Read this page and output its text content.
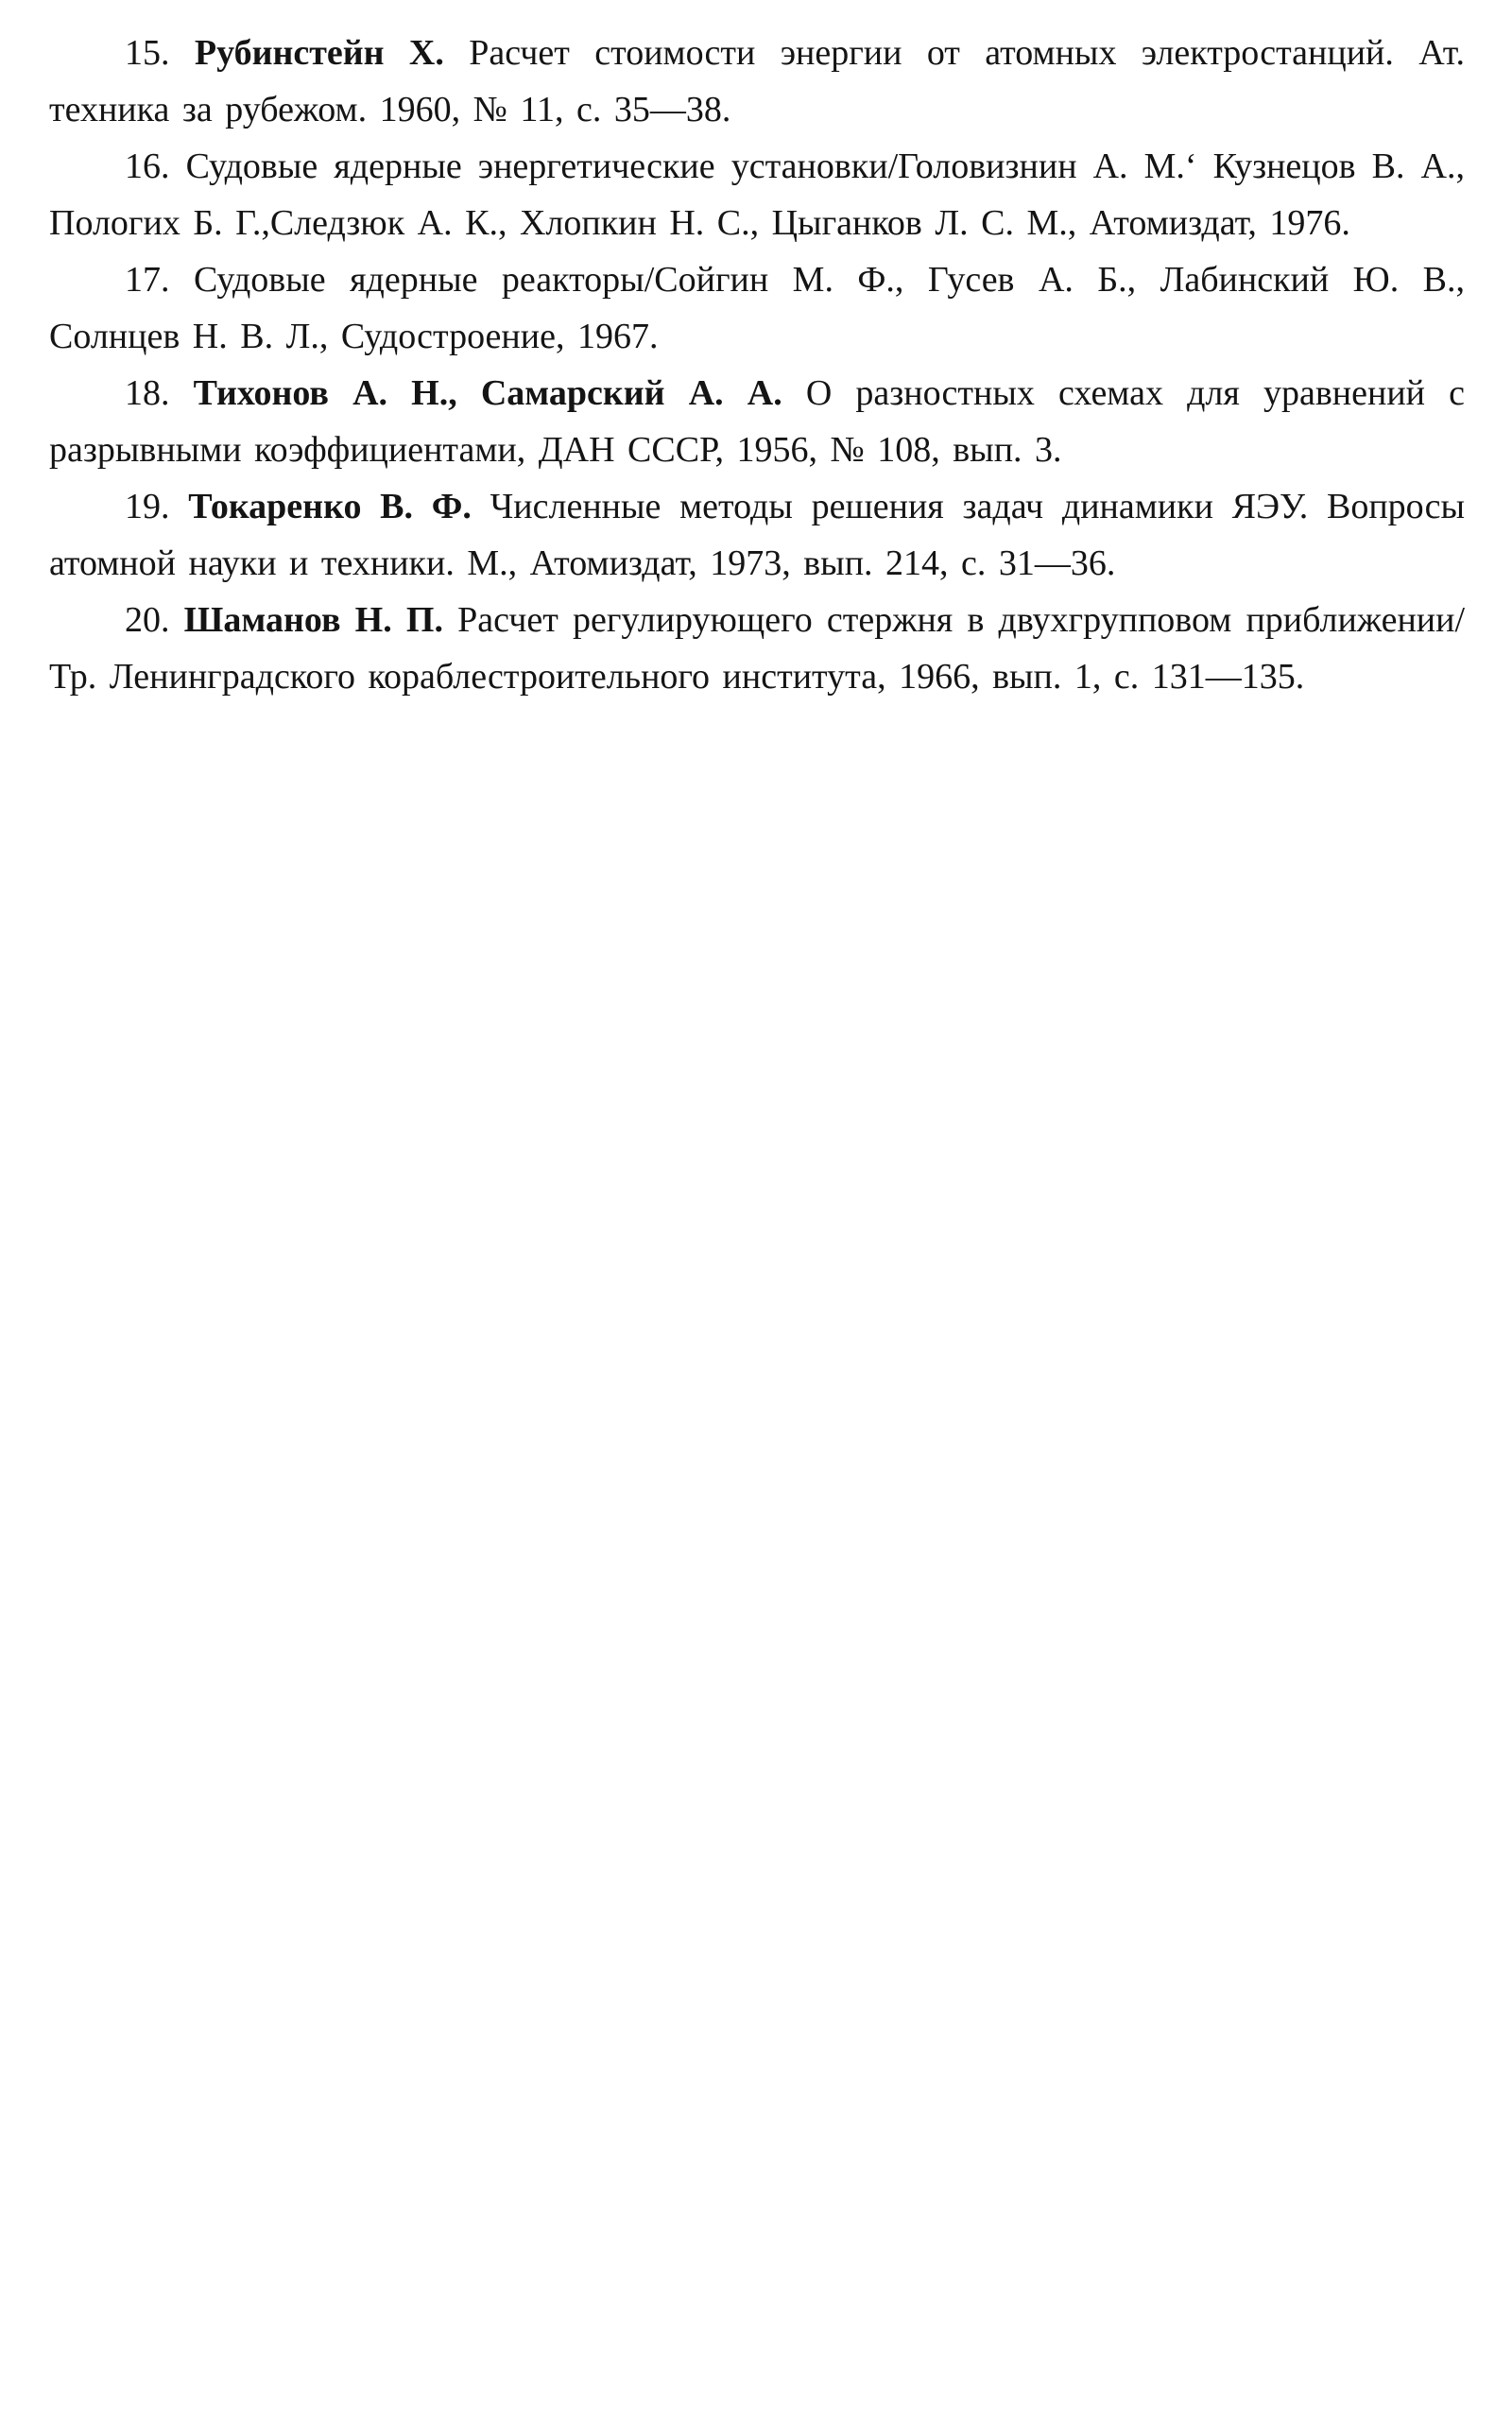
15. Рубинстейн Х. Расчет стоимости энергии от атомных электростанций. Ат. техника за рубежом. 1960, № 11, с. 35—38.

16. Судовые ядерные энергетические установки/Головизнин А. М.‘ Кузнецов В. А., Пологих Б. Г.,Следзюк А. К., Хлопкин Н. С., Цыганков Л. С. М., Атомиздат, 1976.

17. Судовые ядерные реакторы/Сойгин М. Ф., Гусев А. Б., Лабинский Ю. В., Солнцев Н. В. Л., Судостроение, 1967.

18. Тихонов А. Н., Самарский А. А. О разностных схемах для уравнений с разрывными коэффициентами, ДАН СССР, 1956, № 108, вып. 3.

19. Токаренко В. Ф. Численные методы решения задач динамики ЯЭУ. Вопросы атомной науки и техники. М., Атомиздат, 1973, вып. 214, с. 31—36.

20. Шаманов Н. П. Расчет регулирующего стержня в двухгрупповом приближении/Тр. Ленинградского кораблестроительного института, 1966, вып. 1, с. 131—135.
